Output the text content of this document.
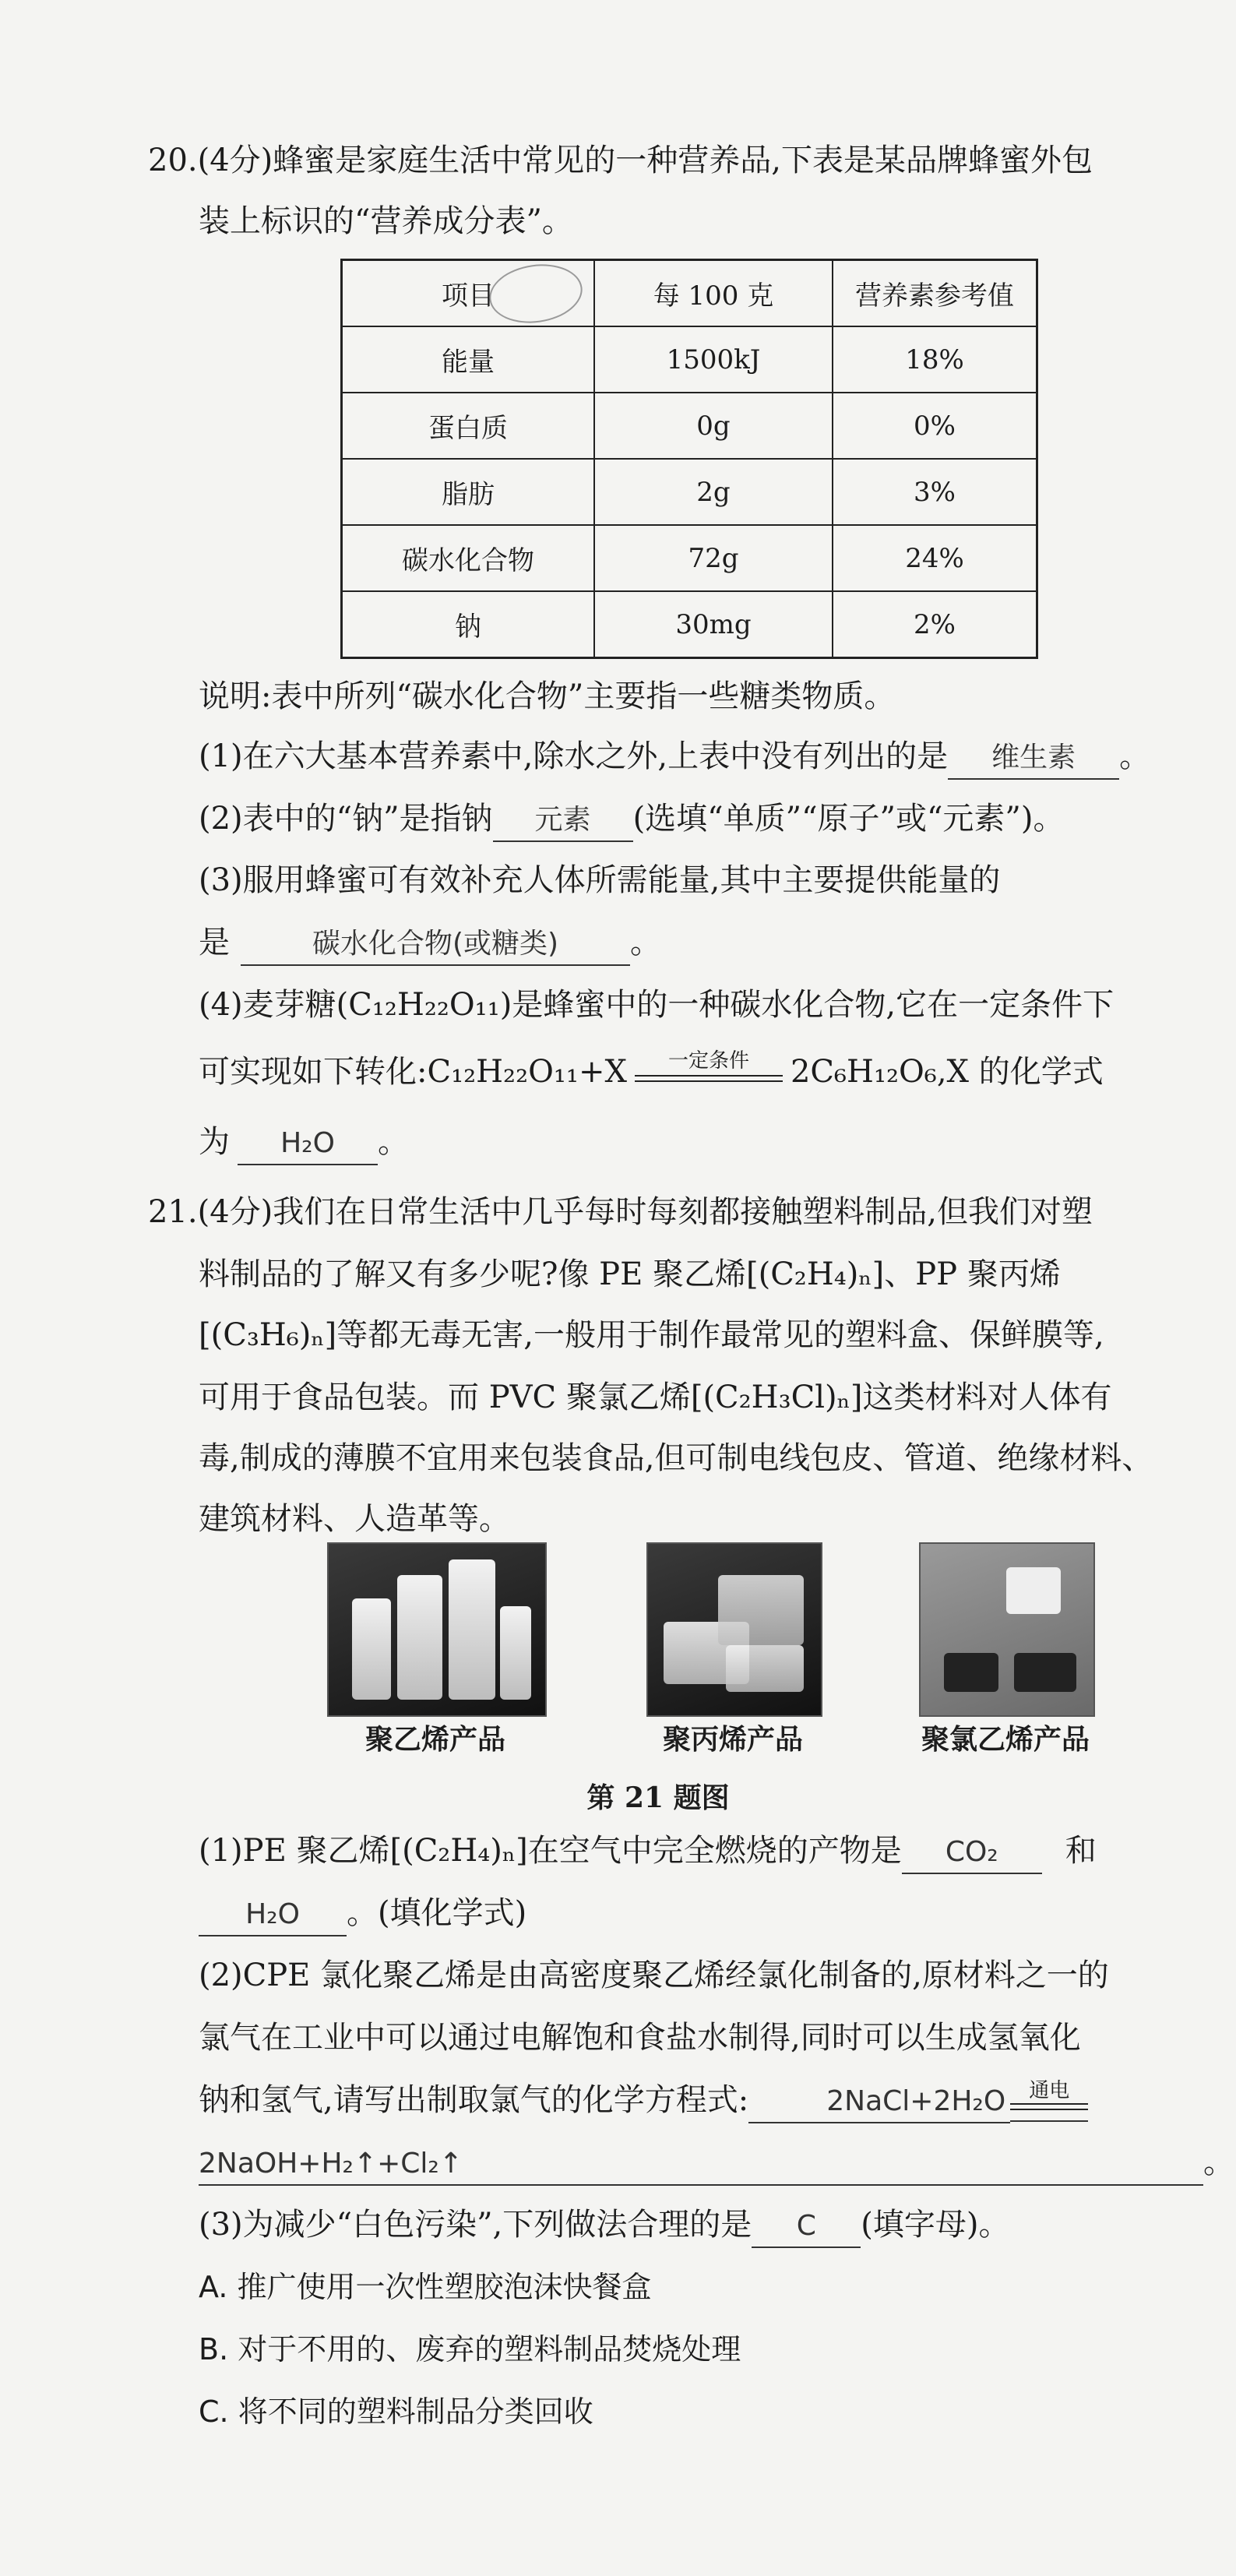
20.(4分)蜂蜜是家庭生活中常见的一种营养品,下表是某品牌蜂蜜外包
装上标识的“营养成分表”。
项目	每 100 克	营养素参考值
能量	1500kJ	18%
蛋白质	0g	0%
脂肪	2g	3%
碳水化合物	72g	24%
钠	30mg	2%
说明:表中所列“碳水化合物”主要指一些糖类物质。
(1)在六大基本营养素中,除水之外,上表中没有列出的是 维生素 。
(2)表中的“钠”是指钠 元素 (选填“单质”“原子”或“元素”)。
(3)服用蜂蜜可有效补充人体所需能量,其中主要提供能量的
是	碳水化合物(或糖类) 。
(4)麦芽糖(C₁₂H₂₂O₁₁)是蜂蜜中的一种碳水化合物,它在一定条件下
可实现如下转化:C₁₂H₂₂O₁₁+X	一定条件	2C₆H₁₂O₆,X 的化学式
为 H₂O 。
21.(4分)我们在日常生活中几乎每时每刻都接触塑料制品,但我们对塑
料制品的了解又有多少呢?像 PE 聚乙烯[(C₂H₄)ₙ]、PP 聚丙烯
[(C₃H₆)ₙ]等都无毒无害,一般用于制作最常见的塑料盒、保鲜膜等,
可用于食品包装。而 PVC 聚氯乙烯[(C₂H₃Cl)ₙ]这类材料对人体有
毒,制成的薄膜不宜用来包装食品,但可制电线包皮、管道、绝缘材料、
建筑材料、人造革等。
聚乙烯产品	聚丙烯产品	聚氯乙烯产品
第 21 题图
(1)PE 聚乙烯[(C₂H₄)ₙ]在空气中完全燃烧的产物是 CO₂ 和
H₂O 。(填化学式)
(2)CPE 氯化聚乙烯是由高密度聚乙烯经氯化制备的,原材料之一的
氯气在工业中可以通过电解饱和食盐水制得,同时可以生成氢氧化
钠和氢气,请写出制取氯气的化学方程式:	2NaCl+2H₂O	通电
2NaOH+H₂↑+Cl₂↑	。
(3)为减少“白色污染”,下列做法合理的是 C (填字母)。
A. 推广使用一次性塑胶泡沫快餐盒
B. 对于不用的、废弃的塑料制品焚烧处理
C. 将不同的塑料制品分类回收
